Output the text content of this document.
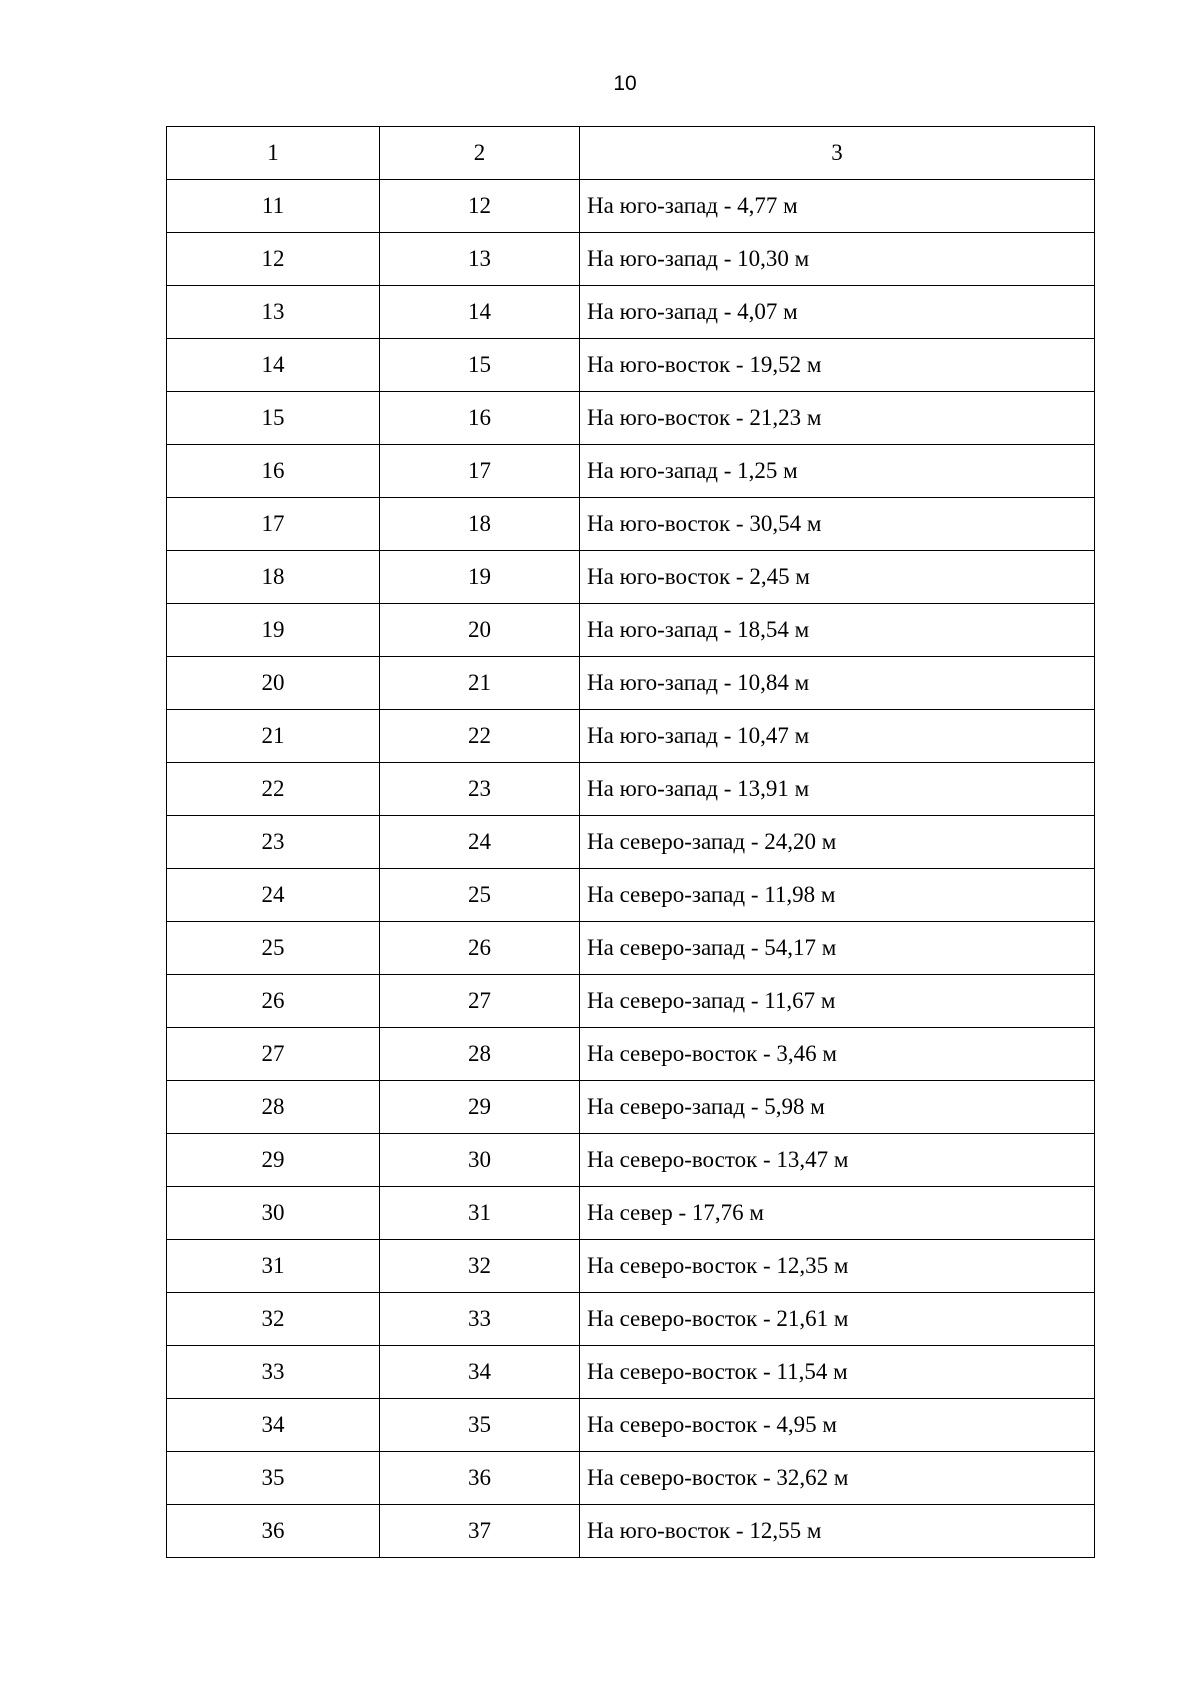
10
1	2	3
11	12	На юго-запад - 4,77 м
12	13	На юго-запад - 10,30 м
13	14	На юго-запад - 4,07 м
14	15	На юго-восток - 19,52 м
15	16	На юго-восток - 21,23 м
16	17	На юго-запад - 1,25 м
17	18	На юго-восток - 30,54 м
18	19	На юго-восток - 2,45 м
19	20	На юго-запад - 18,54 м
20	21	На юго-запад - 10,84 м
21	22	На юго-запад - 10,47 м
22	23	На юго-запад - 13,91 м
23	24	На северо-запад - 24,20 м
24	25	На северо-запад - 11,98 м
25	26	На северо-запад - 54,17 м
26	27	На северо-запад - 11,67 м
27	28	На северо-восток - 3,46 м
28	29	На северо-запад - 5,98 м
29	30	На северо-восток - 13,47 м
30	31	На север - 17,76 м
31	32	На северо-восток - 12,35 м
32	33	На северо-восток - 21,61 м
33	34	На северо-восток - 11,54 м
34	35	На северо-восток - 4,95 м
35	36	На северо-восток - 32,62 м
36	37	На юго-восток - 12,55 м
